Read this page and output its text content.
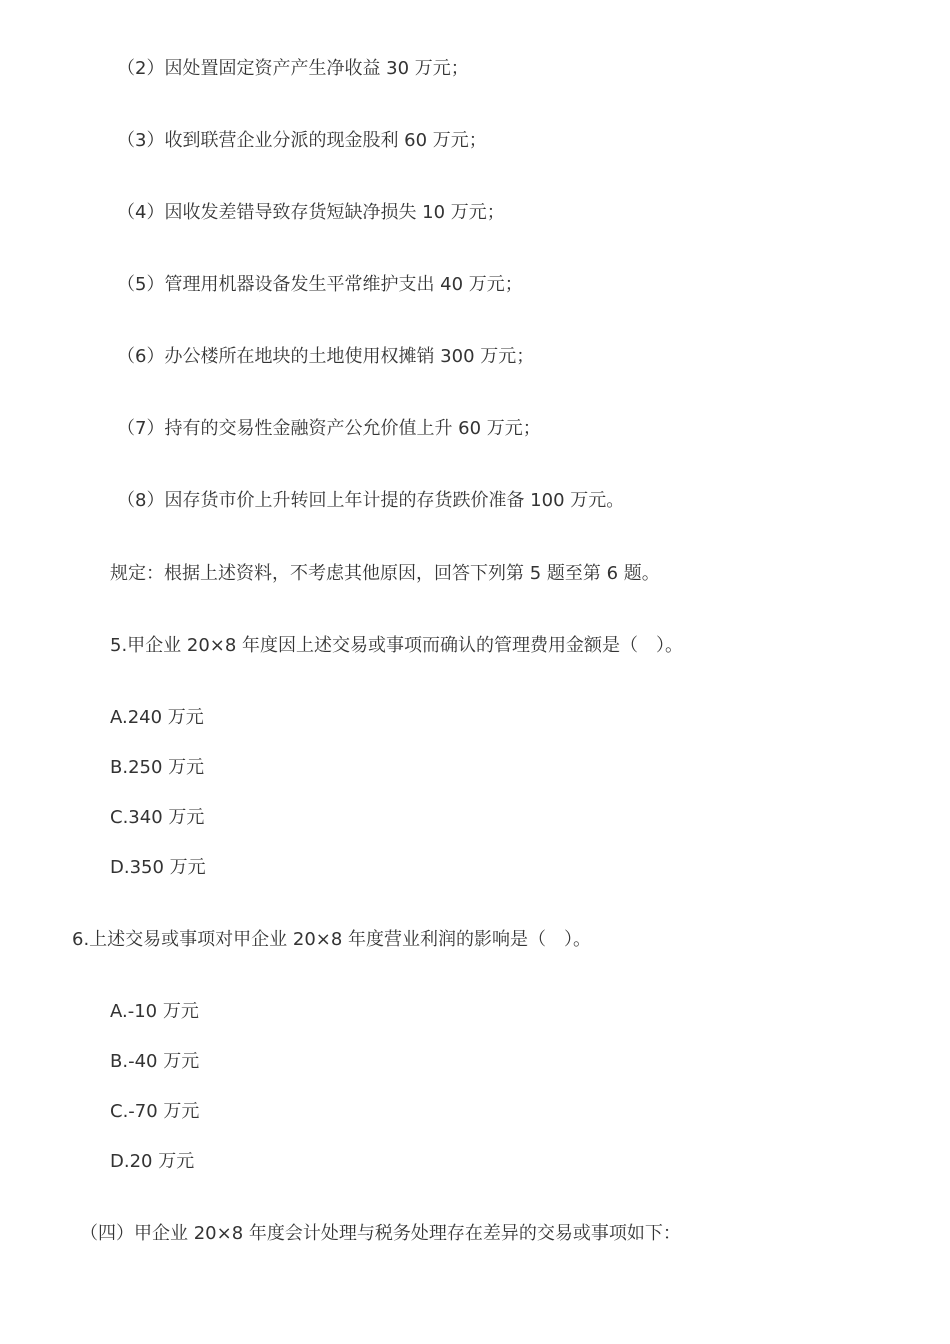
（2）因处置固定资产产生净收益 30 万元；
（3）收到联营企业分派的现金股利 60 万元；
（4）因收发差错导致存货短缺净损失 10 万元；
（5）管理用机器设备发生平常维护支出 40 万元；
（6）办公楼所在地块的土地使用权摊销 300 万元；
（7）持有的交易性金融资产公允价值上升 60 万元；
（8）因存货市价上升转回上年计提的存货跌价准备 100 万元。
规定：根据上述资料，不考虑其他原因，回答下列第 5 题至第 6 题。
5.甲企业 20×8 年度因上述交易或事项而确认的管理费用金额是（　）。
A.240 万元
B.250 万元
C.340 万元
D.350 万元
6.上述交易或事项对甲企业 20×8 年度营业利润的影响是（　）。
A.-10 万元
B.-40 万元
C.-70 万元
D.20 万元
（四）甲企业 20×8 年度会计处理与税务处理存在差异的交易或事项如下：
